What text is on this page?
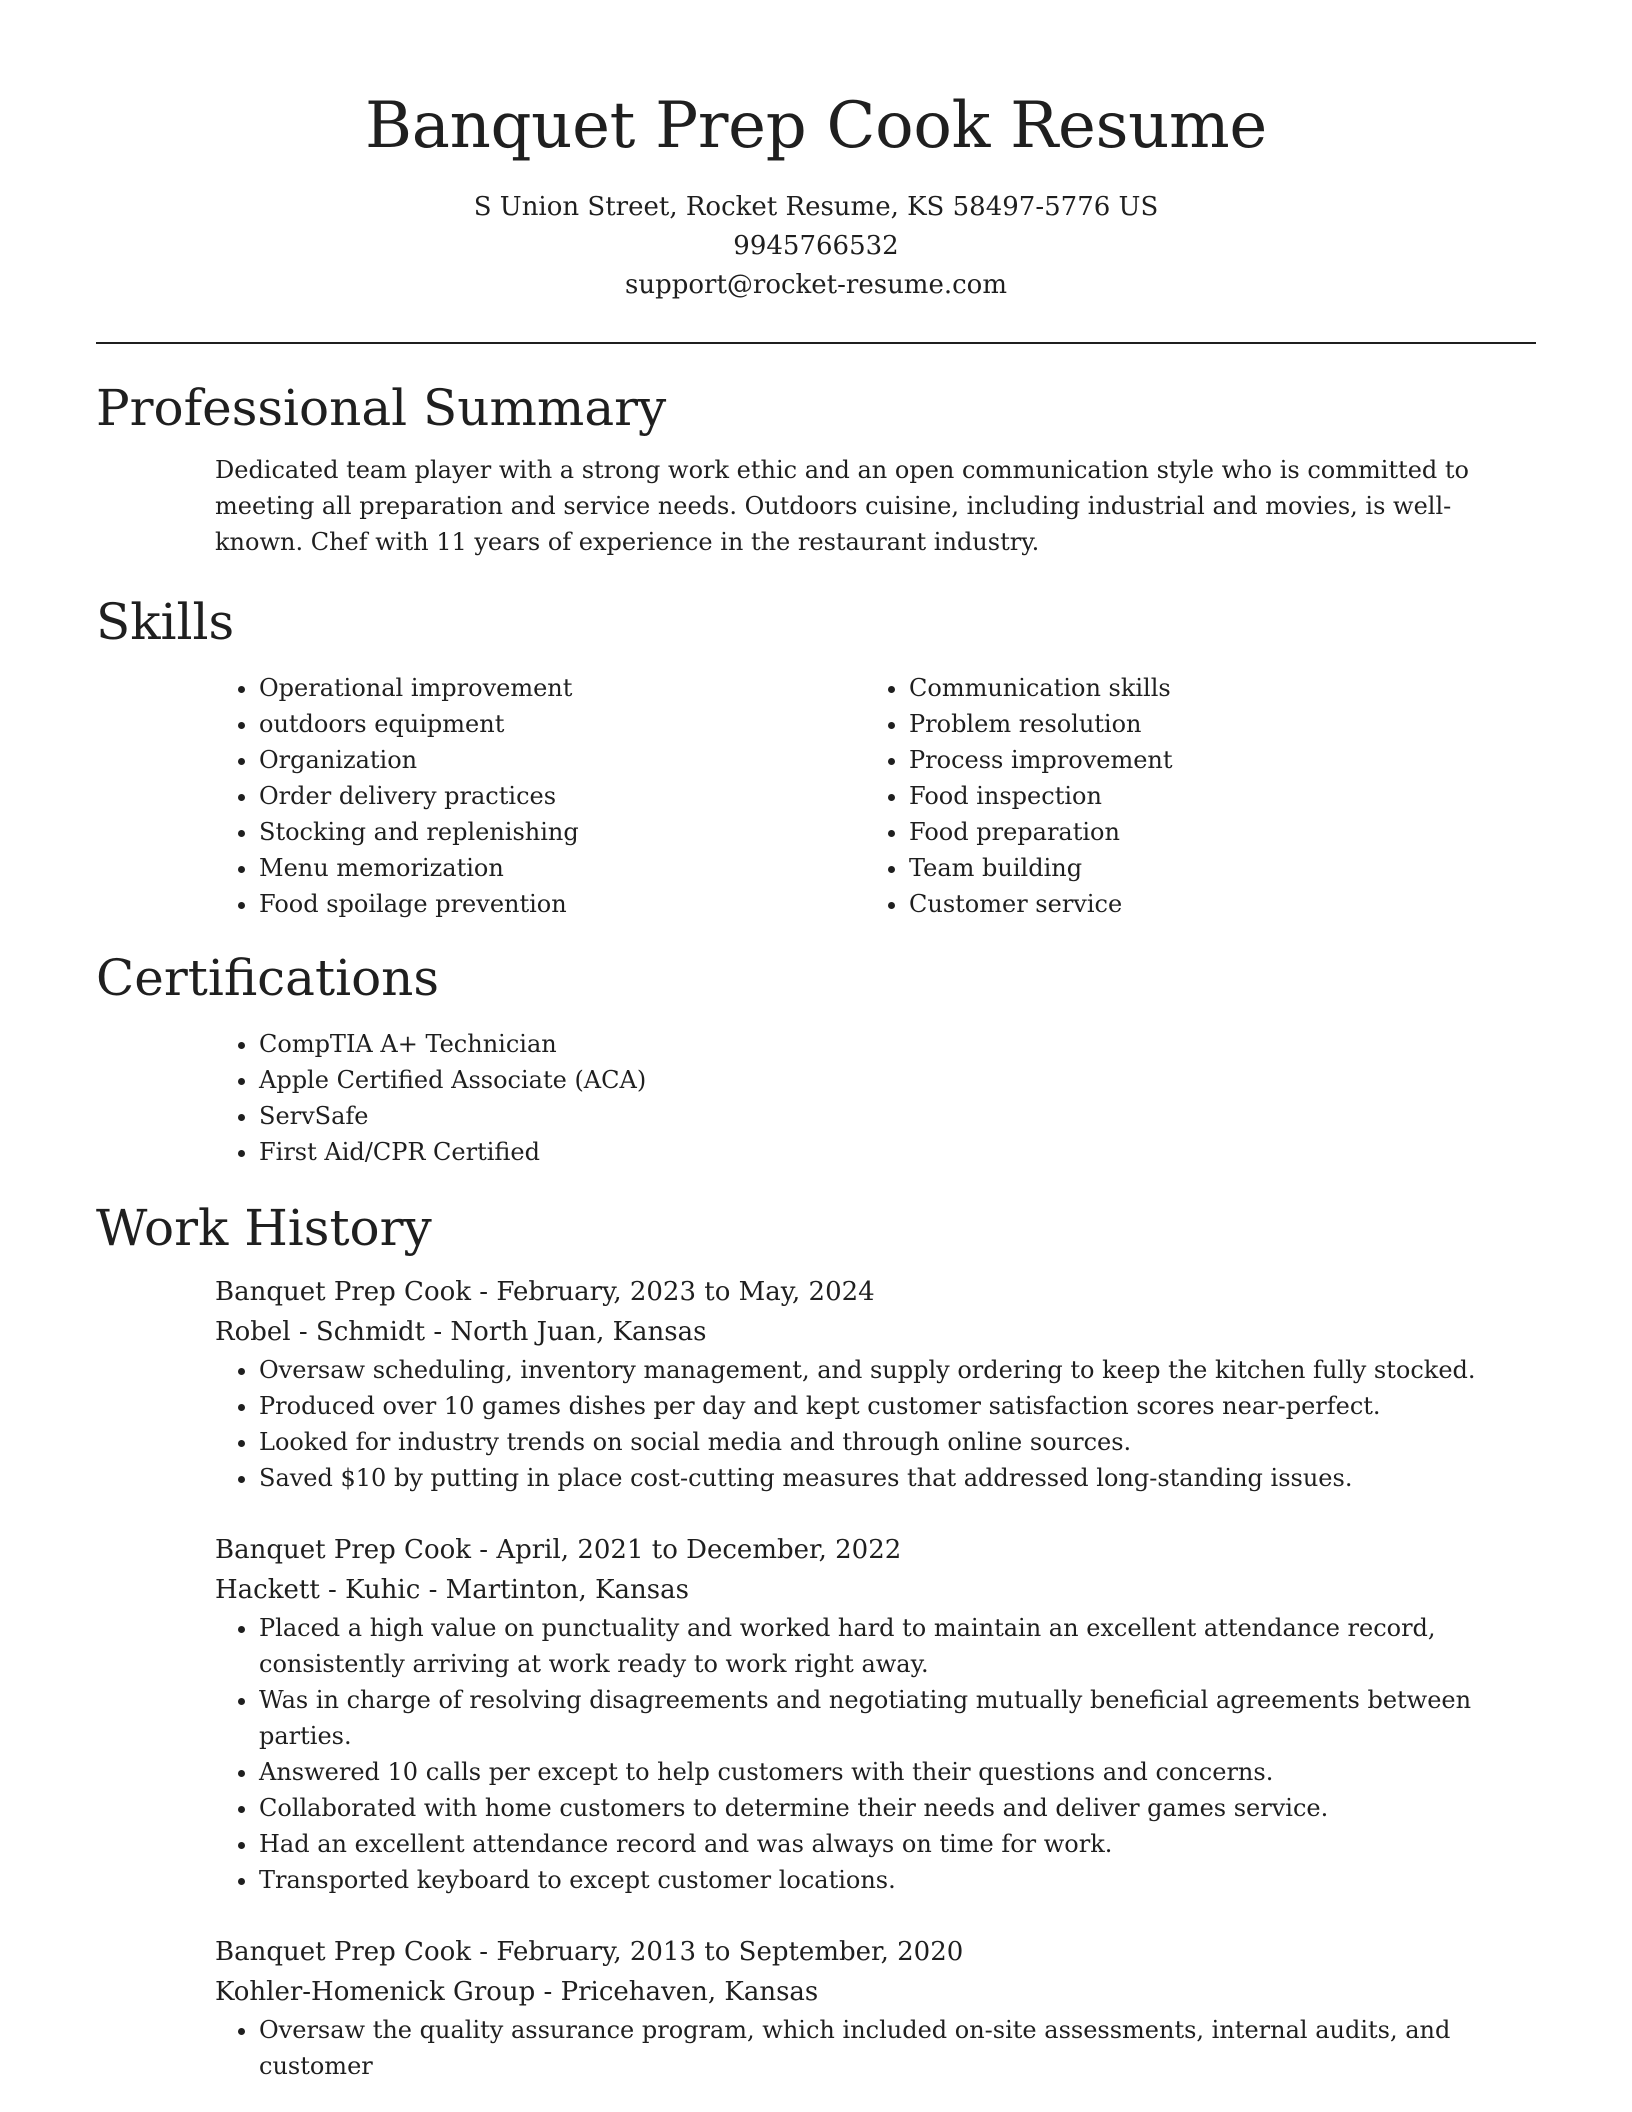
Banquet Prep Cook Resume

S Union Street, Rocket Resume, KS 58497-5776 US

9945766532

support@rocket-resume.com

Professional Summary

Dedicated team player with a strong work ethic and an open communication style who is committed to meeting all preparation and service needs. Outdoors cuisine, including industrial and movies, is well-known. Chef with 11 years of experience in the restaurant industry.

Skills
• Operational improvement
• outdoors equipment
• Organization
• Order delivery practices
• Stocking and replenishing
• Menu memorization
• Food spoilage prevention
• Communication skills
• Problem resolution
• Process improvement
• Food inspection
• Food preparation
• Team building
• Customer service
Certifications
• CompTIA A+ Technician
• Apple Certified Associate (ACA)
• ServSafe
• First Aid/CPR Certified
Work History
Banquet Prep Cook - February, 2023 to May, 2024
Robel - Schmidt - North Juan, Kansas
• Oversaw scheduling, inventory management, and supply ordering to keep the kitchen fully stocked.
• Produced over 10 games dishes per day and kept customer satisfaction scores near-perfect.
• Looked for industry trends on social media and through online sources.
• Saved $10 by putting in place cost-cutting measures that addressed long-standing issues.
Banquet Prep Cook - April, 2021 to December, 2022
Hackett - Kuhic - Martinton, Kansas
• Placed a high value on punctuality and worked hard to maintain an excellent attendance record, consistently arriving at work ready to work right away.
• Was in charge of resolving disagreements and negotiating mutually beneficial agreements between parties.
• Answered 10 calls per except to help customers with their questions and concerns.
• Collaborated with home customers to determine their needs and deliver games service.
• Had an excellent attendance record and was always on time for work.
• Transported keyboard to except customer locations.
Banquet Prep Cook - February, 2013 to September, 2020
Kohler-Homenick Group - Pricehaven, Kansas
• Oversaw the quality assurance program, which included on-site assessments, internal audits, and customer
